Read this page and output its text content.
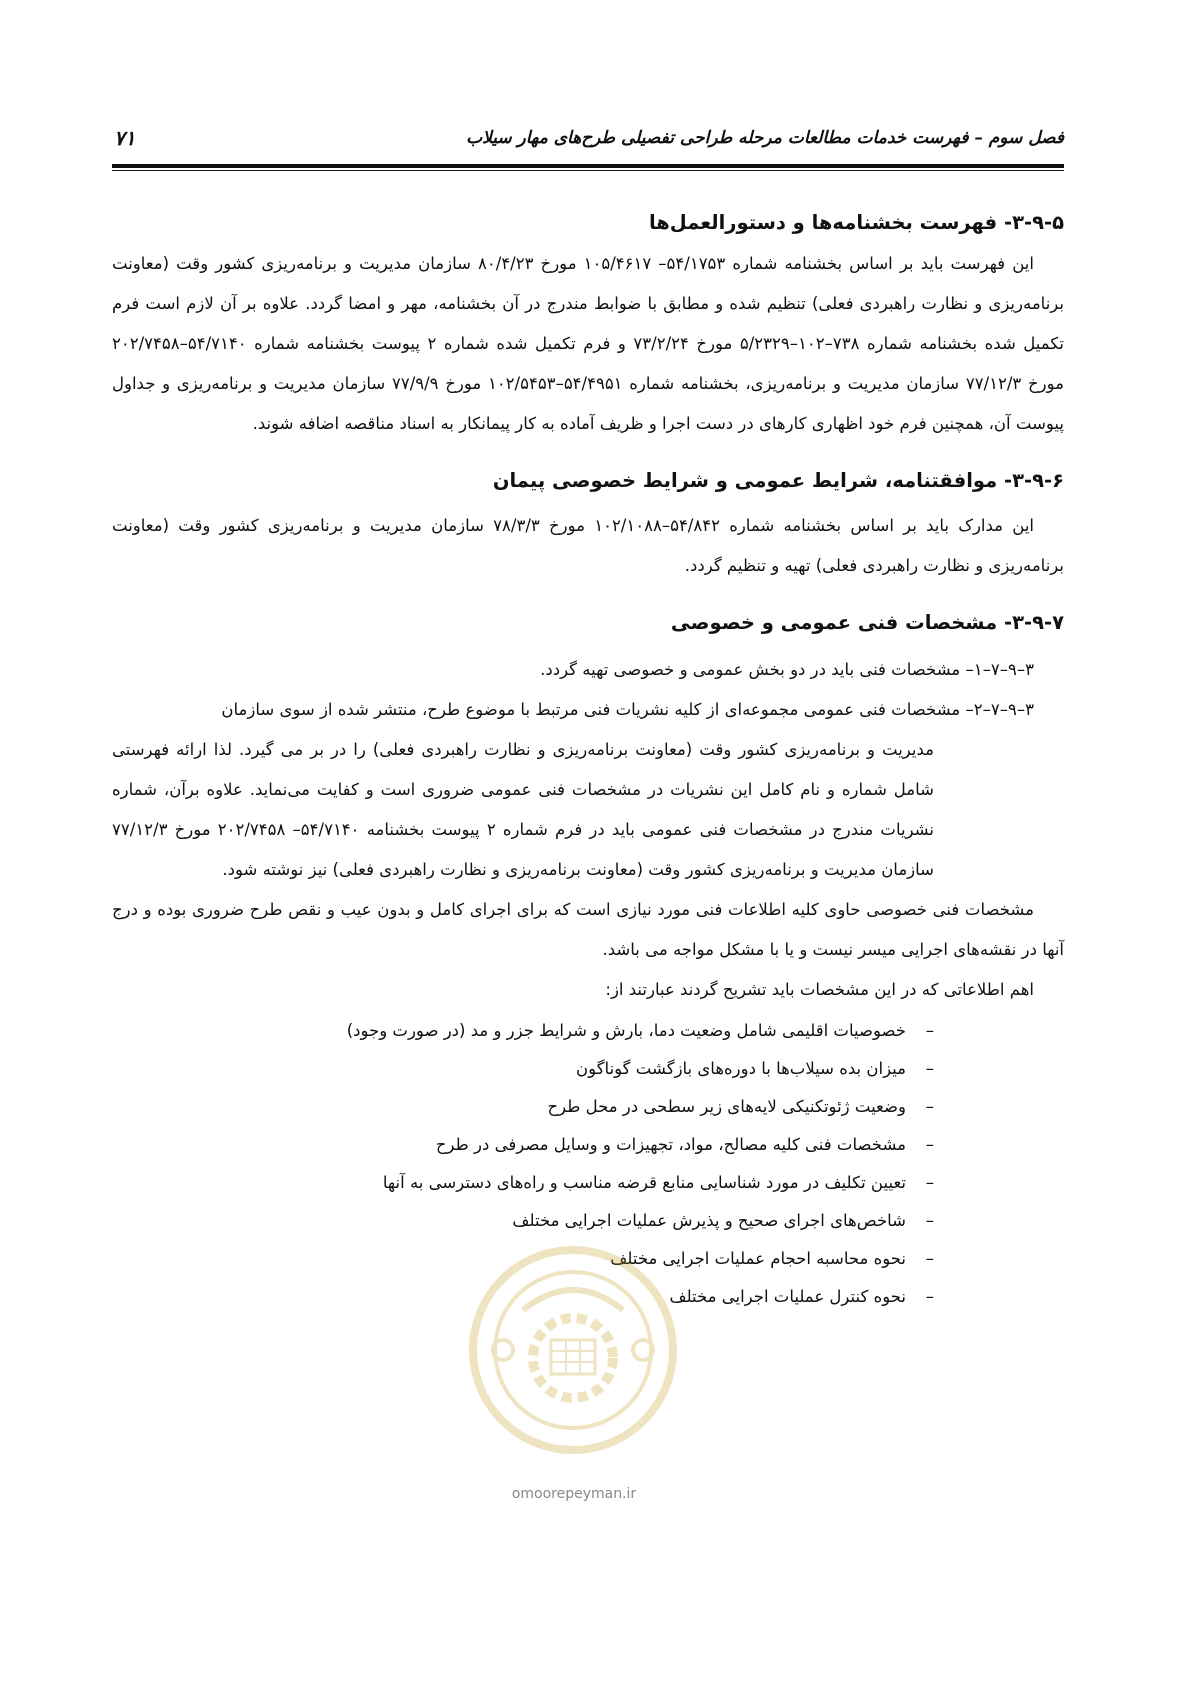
فصل سوم – فهرست خدمات مطالعات مرحله طراحی تفصیلی طرح‌های مهار سیلاب
۷۱
۳-۹-۵- فهرست بخشنامه‌ها و دستورالعمل‌ها

این فهرست باید بر اساس بخشنامه شماره ۵۴/۱۷۵۳– ۱۰۵/۴۶۱۷ مورخ ۸۰/۴/۲۳ سازمان مدیریت و برنامه‌ریزی کشور وقت (معاونت برنامه‌ریزی و نظارت راهبردی فعلی) تنظیم شده و مطابق با ضوابط مندرج در آن بخشنامه، مهر و امضا گردد. علاوه بر آن لازم است فرم تکمیل شده بخشنامه شماره ۷۳۸–۱۰۲–۵/۲۳۲۹ مورخ ۷۳/۲/۲۴ و فرم تکمیل شده شماره ۲ پیوست بخشنامه شماره ۵۴/۷۱۴۰–۲۰۲/۷۴۵۸ مورخ ۷۷/۱۲/۳ سازمان مدیریت و برنامه‌ریزی، بخشنامه شماره ۵۴/۴۹۵۱–۱۰۲/۵۴۵۳ مورخ ۷۷/۹/۹ سازمان مدیریت و برنامه‌ریزی و جداول پیوست آن، همچنین فرم خود اظهاری کارهای در دست اجرا و ظریف آماده به کار پیمانکار به اسناد مناقصه اضافه شوند.

۳-۹-۶- موافقتنامه، شرایط عمومی و شرایط خصوصی پیمان

این مدارک باید بر اساس بخشنامه شماره ۵۴/۸۴۲–۱۰۲/۱۰۸۸ مورخ ۷۸/۳/۳ سازمان مدیریت و برنامه‌ریزی کشور وقت (معاونت برنامه‌ریزی و نظارت راهبردی فعلی) تهیه و تنظیم گردد.

۳-۹-۷- مشخصات فنی عمومی و خصوصی

۳–۹–۷–۱– مشخصات فنی باید در دو بخش عمومی و خصوصی تهیه گردد.

۳–۹–۷–۲– مشخصات فنی عمومی مجموعه‌ای از کلیه نشریات فنی مرتبط با موضوع طرح، منتشر شده از سوی سازمان

مدیریت و برنامه‌ریزی کشور وقت (معاونت برنامه‌ریزی و نظارت راهبردی فعلی) را در بر می گیرد. لذا ارائه فهرستی شامل شماره و نام کامل این نشریات در مشخصات فنی عمومی ضروری است و کفایت می‌نماید. علاوه برآن، شماره نشریات مندرج در مشخصات فنی عمومی باید در فرم شماره ۲ پیوست بخشنامه ۵۴/۷۱۴۰– ۲۰۲/۷۴۵۸ مورخ ۷۷/۱۲/۳ سازمان مدیریت و برنامه‌ریزی کشور وقت (معاونت برنامه‌ریزی و نظارت راهبردی فعلی) نیز نوشته شود.

مشخصات فنی خصوصی حاوی کلیه اطلاعات فنی مورد نیازی است که برای اجرای کامل و بدون عیب و نقص طرح ضروری بوده و درج آنها در نقشه‌های اجرایی میسر نیست و یا با مشکل مواجه می باشد.

اهم اطلاعاتی که در این مشخصات باید تشریح گردند عبارتند از:

–خصوصیات اقلیمی شامل وضعیت دما، بارش و شرایط جزر و مد (در صورت وجود)
–میزان بده سیلاب‌ها با دوره‌های بازگشت گوناگون
–وضعیت ژئوتکنیکی لایه‌های زیر سطحی در محل طرح
–مشخصات فنی کلیه مصالح، مواد، تجهیزات و وسایل مصرفی در طرح
–تعیین تکلیف در مورد شناسایی منابع قرضه مناسب و راه‌های دسترسی به آنها
–شاخص‌های اجرای صحیح و پذیرش عملیات اجرایی مختلف
–نحوه محاسبه احجام عملیات اجرایی مختلف
–نحوه کنترل عملیات اجرایی مختلف
omoorepeyman.ir
